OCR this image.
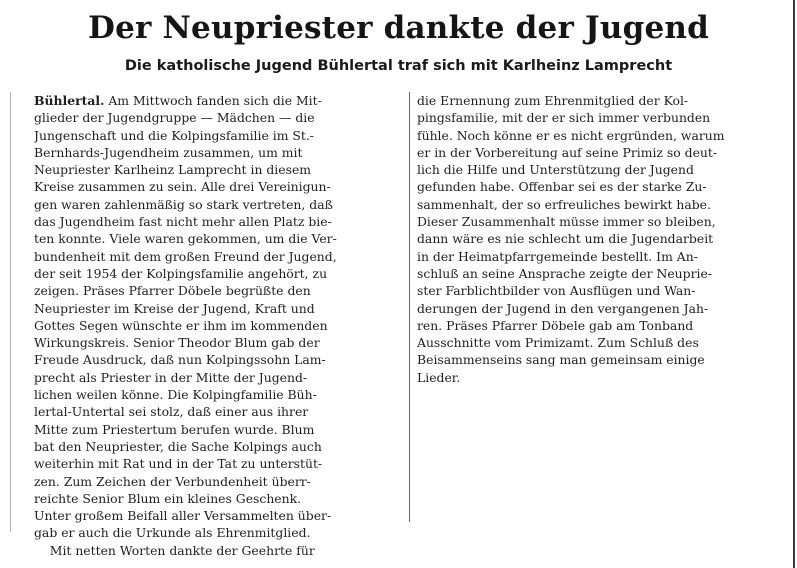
Der Neupriester dankte der Jugend
Die katholische Jugend Bühlertal traf sich mit Karlheinz Lamprecht
Bühlertal. Am Mittwoch fanden sich die Mit-
glieder der Jugendgruppe — Mädchen — die
Jungenschaft und die Kolpingsfamilie im St.-
Bernhards-Jugendheim zusammen, um mit
Neupriester Karlheinz Lamprecht in diesem
Kreise zusammen zu sein. Alle drei Vereinigun-
gen waren zahlenmäßig so stark vertreten, daß
das Jugendheim fast nicht mehr allen Platz bie-
ten konnte. Viele waren gekommen, um die Ver-
bundenheit mit dem großen Freund der Jugend,
der seit 1954 der Kolpingsfamilie angehört, zu
zeigen. Präses Pfarrer Döbele begrüßte den
Neupriester im Kreise der Jugend, Kraft und
Gottes Segen wünschte er ihm im kommenden
Wirkungskreis. Senior Theodor Blum gab der
Freude Ausdruck, daß nun Kolpingssohn Lam-
precht als Priester in der Mitte der Jugend-
lichen weilen könne. Die Kolpingfamilie Büh-
lertal-Untertal sei stolz, daß einer aus ihrer
Mitte zum Priestertum berufen wurde. Blum
bat den Neupriester, die Sache Kolpings auch
weiterhin mit Rat und in der Tat zu unterstüt-
zen. Zum Zeichen der Verbundenheit überr-
reichte Senior Blum ein kleines Geschenk.
Unter großem Beifall aller Versammelten über-
gab er auch die Urkunde als Ehrenmitglied.
Mit netten Worten dankte der Geehrte für
die Ernennung zum Ehrenmitglied der Kol-
pingsfamilie, mit der er sich immer verbunden
fühle. Noch könne er es nicht ergründen, warum
er in der Vorbereitung auf seine Primiz so deut-
lich die Hilfe und Unterstützung der Jugend
gefunden habe. Offenbar sei es der starke Zu-
sammenhalt, der so erfreuliches bewirkt habe.
Dieser Zusammenhalt müsse immer so bleiben,
dann wäre es nie schlecht um die Jugendarbeit
in der Heimatpfarrgemeinde bestellt. Im An-
schluß an seine Ansprache zeigte der Neuprie-
ster Farblichtbilder von Ausflügen und Wan-
derungen der Jugend in den vergangenen Jah-
ren. Präses Pfarrer Döbele gab am Tonband
Ausschnitte vom Primizamt. Zum Schluß des
Beisammenseins sang man gemeinsam einige
Lieder.
